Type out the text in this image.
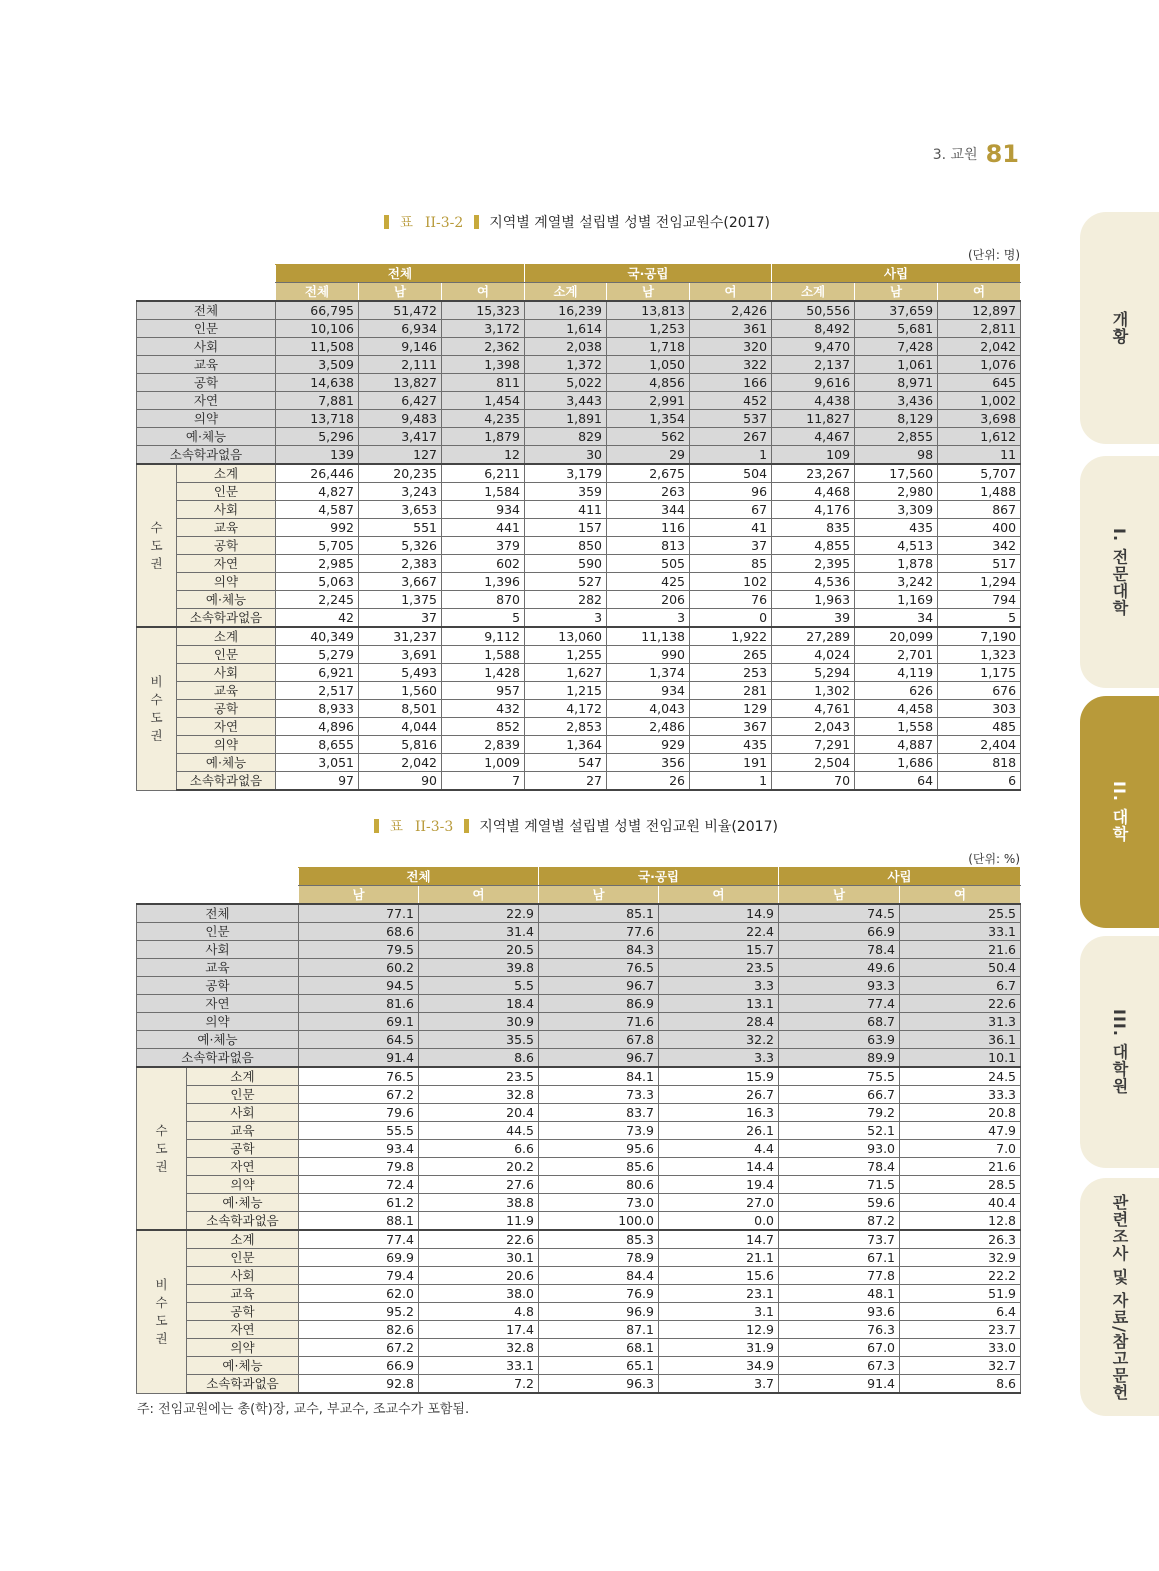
3. 교원 81
개황
I. 전문대학
II. 대학
III. 대학원
관련조사 및 자료/참고문헌
표 II-3-2 지역별 계열별 설립별 성별 전임교원수(2017)
(단위: 명)
		전체			국·공립			사립		
		전체	남	여	소계	남	여	소계	남	여
전체		66,795	51,472	15,323	16,239	13,813	2,426	50,556	37,659	12,897
인문		10,106	6,934	3,172	1,614	1,253	361	8,492	5,681	2,811
사회		11,508	9,146	2,362	2,038	1,718	320	9,470	7,428	2,042
교육		3,509	2,111	1,398	1,372	1,050	322	2,137	1,061	1,076
공학		14,638	13,827	811	5,022	4,856	166	9,616	8,971	645
자연		7,881	6,427	1,454	3,443	2,991	452	4,438	3,436	1,002
의약		13,718	9,483	4,235	1,891	1,354	537	11,827	8,129	3,698
예·체능		5,296	3,417	1,879	829	562	267	4,467	2,855	1,612
소속학과없음		139	127	12	30	29	1	109	98	11
수
도
권	소계	26,446	20,235	6,211	3,179	2,675	504	23,267	17,560	5,707
	인문	4,827	3,243	1,584	359	263	96	4,468	2,980	1,488
	사회	4,587	3,653	934	411	344	67	4,176	3,309	867
	교육	992	551	441	157	116	41	835	435	400
	공학	5,705	5,326	379	850	813	37	4,855	4,513	342
	자연	2,985	2,383	602	590	505	85	2,395	1,878	517
	의약	5,063	3,667	1,396	527	425	102	4,536	3,242	1,294
	예·체능	2,245	1,375	870	282	206	76	1,963	1,169	794
	소속학과없음	42	37	5	3	3	0	39	34	5
비
수
도
권	소계	40,349	31,237	9,112	13,060	11,138	1,922	27,289	20,099	7,190
	인문	5,279	3,691	1,588	1,255	990	265	4,024	2,701	1,323
	사회	6,921	5,493	1,428	1,627	1,374	253	5,294	4,119	1,175
	교육	2,517	1,560	957	1,215	934	281	1,302	626	676
	공학	8,933	8,501	432	4,172	4,043	129	4,761	4,458	303
	자연	4,896	4,044	852	2,853	2,486	367	2,043	1,558	485
	의약	8,655	5,816	2,839	1,364	929	435	7,291	4,887	2,404
	예·체능	3,051	2,042	1,009	547	356	191	2,504	1,686	818
	소속학과없음	97	90	7	27	26	1	70	64	6
표 II-3-3 지역별 계열별 설립별 성별 전임교원 비율(2017)
(단위: %)
		전체		국·공립		사립	
		남	여	남	여	남	여
전체		77.1	22.9	85.1	14.9	74.5	25.5
인문		68.6	31.4	77.6	22.4	66.9	33.1
사회		79.5	20.5	84.3	15.7	78.4	21.6
교육		60.2	39.8	76.5	23.5	49.6	50.4
공학		94.5	5.5	96.7	3.3	93.3	6.7
자연		81.6	18.4	86.9	13.1	77.4	22.6
의약		69.1	30.9	71.6	28.4	68.7	31.3
예·체능		64.5	35.5	67.8	32.2	63.9	36.1
소속학과없음		91.4	8.6	96.7	3.3	89.9	10.1
수
도
권	소계	76.5	23.5	84.1	15.9	75.5	24.5
	인문	67.2	32.8	73.3	26.7	66.7	33.3
	사회	79.6	20.4	83.7	16.3	79.2	20.8
	교육	55.5	44.5	73.9	26.1	52.1	47.9
	공학	93.4	6.6	95.6	4.4	93.0	7.0
	자연	79.8	20.2	85.6	14.4	78.4	21.6
	의약	72.4	27.6	80.6	19.4	71.5	28.5
	예·체능	61.2	38.8	73.0	27.0	59.6	40.4
	소속학과없음	88.1	11.9	100.0	0.0	87.2	12.8
비
수
도
권	소계	77.4	22.6	85.3	14.7	73.7	26.3
	인문	69.9	30.1	78.9	21.1	67.1	32.9
	사회	79.4	20.6	84.4	15.6	77.8	22.2
	교육	62.0	38.0	76.9	23.1	48.1	51.9
	공학	95.2	4.8	96.9	3.1	93.6	6.4
	자연	82.6	17.4	87.1	12.9	76.3	23.7
	의약	67.2	32.8	68.1	31.9	67.0	33.0
	예·체능	66.9	33.1	65.1	34.9	67.3	32.7
	소속학과없음	92.8	7.2	96.3	3.7	91.4	8.6
주: 전임교원에는 총(학)장, 교수, 부교수, 조교수가 포함됨.
